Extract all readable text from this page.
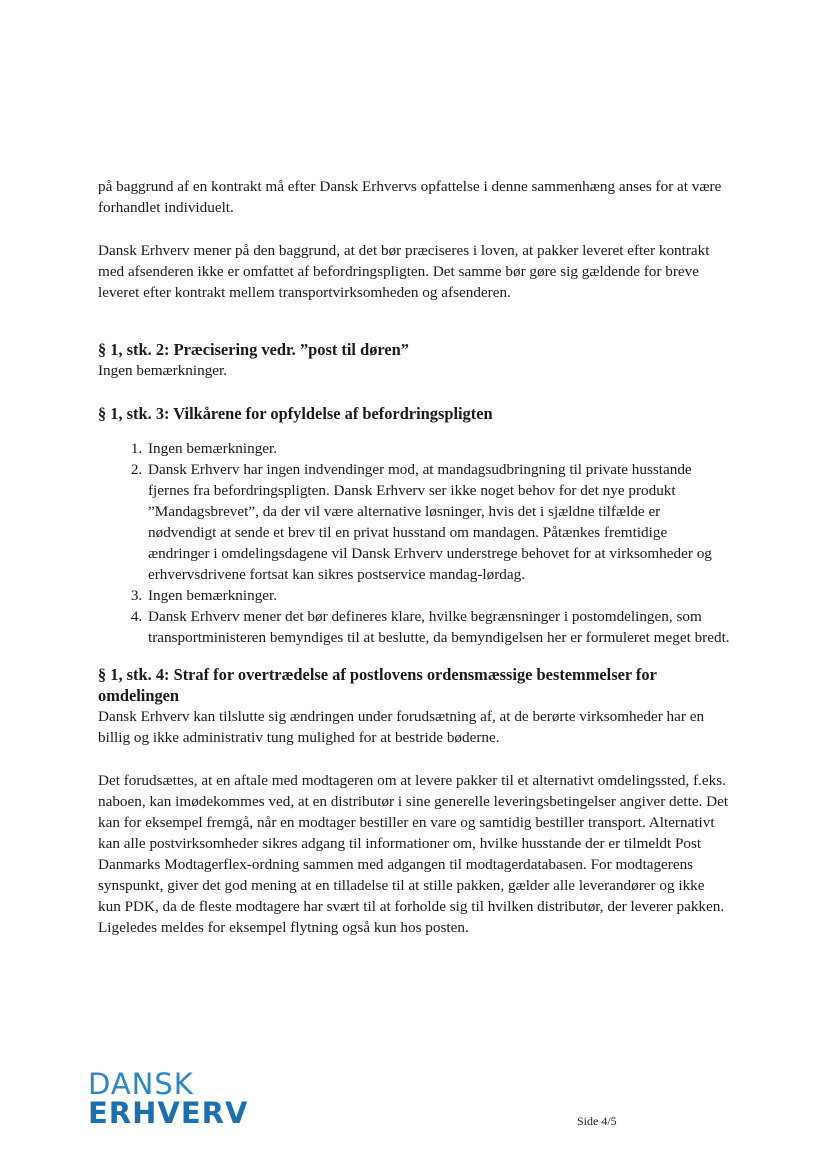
på baggrund af en kontrakt må efter Dansk Erhvervs opfattelse i denne sammenhæng anses for at være forhandlet individuelt.

Dansk Erhverv mener på den baggrund, at det bør præciseres i loven, at pakker leveret efter kontrakt med afsenderen ikke er omfattet af befordringspligten. Det samme bør gøre sig gældende for breve leveret efter kontrakt mellem transportvirksomheden og afsenderen.

§ 1, stk. 2: Præcisering vedr. ”post til døren”

Ingen bemærkninger.

§ 1, stk. 3: Vilkårene for opfyldelse af befordringspligten
1. Ingen bemærkninger.
2. Dansk Erhverv har ingen indvendinger mod, at mandagsudbringning til private husstande fjernes fra befordringspligten. Dansk Erhverv ser ikke noget behov for det nye produkt ”Mandagsbrevet”, da der vil være alternative løsninger, hvis det i sjældne tilfælde er nødvendigt at sende et brev til en privat husstand om mandagen. Påtænkes fremtidige ændringer i omdelingsdagene vil Dansk Erhverv understrege behovet for at virksomheder og erhvervsdrivene fortsat kan sikres postservice mandag-lørdag.
3. Ingen bemærkninger.
4. Dansk Erhverv mener det bør defineres klare, hvilke begrænsninger i postomdelingen, som transportministeren bemyndiges til at beslutte, da bemyndigelsen her er formuleret meget bredt.
§ 1, stk. 4: Straf for overtrædelse af postlovens ordensmæssige bestemmelser for omdelingen

Dansk Erhverv kan tilslutte sig ændringen under forudsætning af, at de berørte virksomheder har en billig og ikke administrativ tung mulighed for at bestride bøderne.

Det forudsættes, at en aftale med modtageren om at levere pakker til et alternativt omdelingssted, f.eks. naboen, kan imødekommes ved, at en distributør i sine generelle leveringsbetingelser angiver dette. Det kan for eksempel fremgå, når en modtager bestiller en vare og samtidig bestiller transport. Alternativt kan alle postvirksomheder sikres adgang til informationer om, hvilke husstande der er tilmeldt Post Danmarks Modtagerflex-ordning sammen med adgangen til modtagerdatabasen. For modtagerens synspunkt, giver det god mening at en tilladelse til at stille pakken, gælder alle leverandører og ikke kun PDK, da de fleste modtagere har svært til at forholde sig til hvilken distributør, der leverer pakken. Ligeledes meldes for eksempel flytning også kun hos posten.

DANSK
ERHVERV	Side 4/5
